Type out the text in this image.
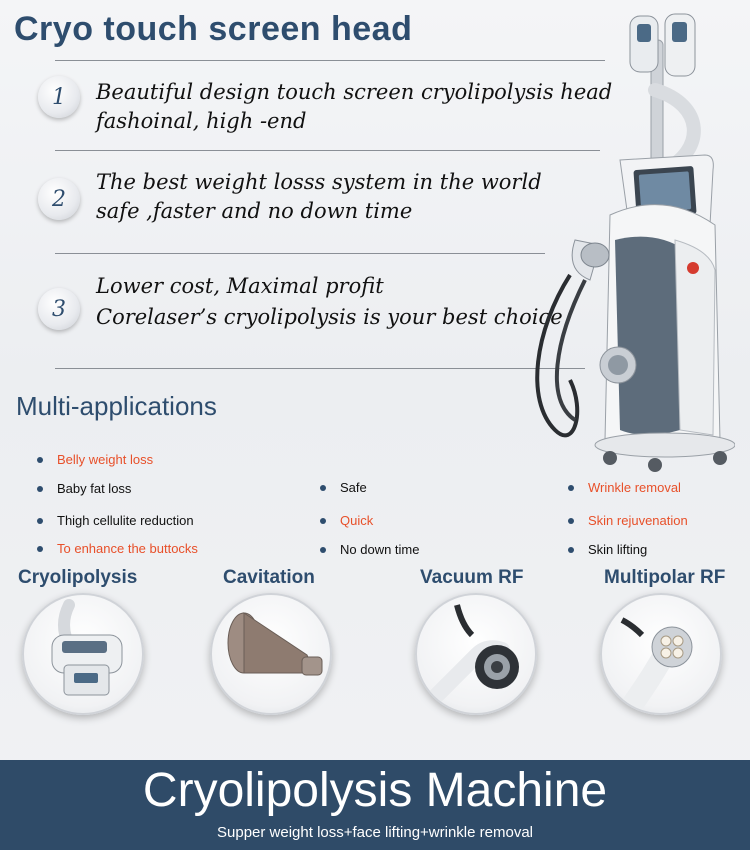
Cryo touch screen head
1	Beautiful design touch screen cryolipolysis head
fashoinal, high -end
2
The best weight losss system in the world
safe ,faster and no down time
3
Lower cost, Maximal profit
Corelaser’s cryolipolysis is your best choice
Multi-applications
Belly weight loss
Baby fat loss	Safe	Wrinkle removal
Thigh cellulite reduction	Quick	Skin rejuvenation
To enhance the buttocks	No down time	Skin lifting
Cryolipolysis	Cavitation	Vacuum RF	Multipolar RF
Cryolipolysis Machine
Supper weight loss+face lifting+wrinkle removal
